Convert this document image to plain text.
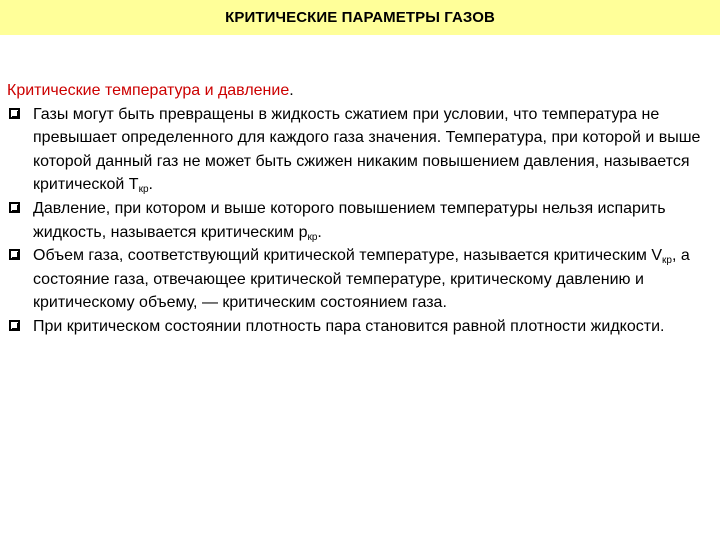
КРИТИЧЕСКИЕ ПАРАМЕТРЫ ГАЗОВ
Критические температура и давление.
Газы могут быть превращены в жидкость сжатием при условии, что температура не превышает определенного для каждого газа значения. Температура, при которой и выше которой данный газ не может быть сжижен никаким повышением давления, называется критической $T_{кр}$.
Давление, при котором и выше которого повышением температуры нельзя испарить жидкость, называется критическим $p_{кр}$.
Объем газа, соответствующий критической температуре, называется критическим $V_{кр}$, а состояние газа, отвечающее критической температуре, критическому давлению и критическому объему, — критическим состоянием газа.
При критическом состоянии плотность пара становится равной плотности жидкости.
